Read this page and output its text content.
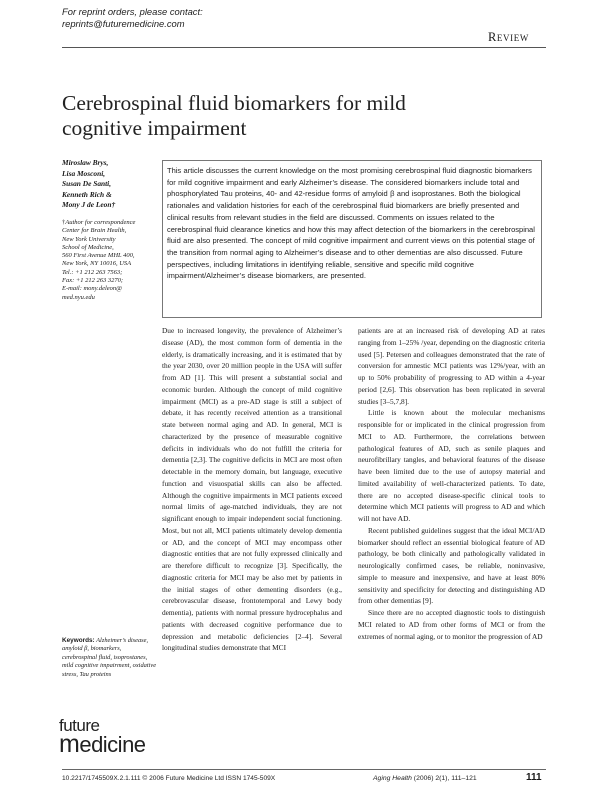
For reprint orders, please contact:
reprints@futuremedicine.com
Review
Cerebrospinal fluid biomarkers for mild
cognitive impairment
Miroslaw Brys,
Lisa Mosconi,
Susan De Santi,
Kenneth Rich &
Mony J de Leon†
†Author for correspondence
Center for Brain Health,
New York University
School of Medicine,
560 First Avenue MHL 400,
New York, NY 10016, USA
Tel.: +1 212 263 7563;
Fax: +1 212 263 3270;
E-mail: mony.deleon@
med.nyu.edu
This article discusses the current knowledge on the most promising cerebrospinal fluid diagnostic biomarkers for mild cognitive impairment and early Alzheimer’s disease. The considered biomarkers include total and phosphorylated Tau proteins, 40- and 42-residue forms of amyloid β and isoprostanes. Both the biological rationales and validation histories for each of the cerebrospinal fluid biomarkers are briefly presented and clinical results from relevant studies in the field are discussed. Comments on issues related to the cerebrospinal fluid clearance kinetics and how this may affect detection of the biomarkers in the cerebrospinal fluid are also presented. The concept of mild cognitive impairment and current views on this potential stage of the transition from normal aging to Alzheimer’s disease and to other dementias are also discussed. Future perspectives, including limitations in identifying reliable, sensitive and specific mild cognitive impairment/Alzheimer’s disease biomarkers, are presented.

Due to increased longevity, the prevalence of Alzheimer’s disease (AD), the most common form of dementia in the elderly, is dramatically increasing, and it is estimated that by the year 2030, over 20 million people in the USA will suffer from AD [1]. This will present a substantial social and economic burden. Although the concept of mild cognitive impairment (MCI) as a pre-AD stage is still a subject of debate, it has recently received attention as a transitional state between normal aging and AD. In general, MCI is characterized by the presence of measurable cognitive deficits in individuals who do not fulfill the criteria for dementia [2,3]. The cognitive deficits in MCI are most often detectable in the memory domain, but language, executive function and visuospatial skills can also be affected. Although the cognitive impairments in MCI patients exceed normal limits of age-matched individuals, they are not significant enough to impair independent social functioning. Most, but not all, MCI patients ultimately develop dementia or AD, and the concept of MCI may encompass other diagnostic entities that are not fully expressed clinically and are therefore difficult to recognize [3]. Specifically, the diagnostic criteria for MCI may be also met by patients in the initial stages of other dementing disorders (e.g., cerebrovascular disease, frontotemporal and Lewy body dementia), patients with normal pressure hydrocephalus and patients with decreased cognitive performance due to depression and metabolic deficiencies [2–4]. Several longitudinal studies demonstrate that MCI

patients are at an increased risk of developing AD at rates ranging from 1–25% /year, depending on the diagnostic criteria used [5]. Petersen and colleagues demonstrated that the rate of conversion for amnestic MCI patients was 12%/year, with an up to 50% probability of progressing to AD within a 4-year period [2,6]. This observation has been replicated in several studies [3–5,7,8].

Little is known about the molecular mechanisms responsible for or implicated in the clinical progression from MCI to AD. Furthermore, the correlations between pathological features of AD, such as senile plaques and neurofibrillary tangles, and behavioral features of the disease have been limited due to the use of autopsy material and limited availability of well-characterized patients. To date, there are no accepted disease-specific clinical tools to determine which MCI patients will progress to AD and which will not have AD.

Recent published guidelines suggest that the ideal MCI/AD biomarker should reflect an essential biological feature of AD pathology, be both clinically and pathologically validated in neurologically confirmed cases, be reliable, noninvasive, simple to measure and inexpensive, and have at least 80% sensitivity and specificity for detecting and distinguishing AD from other dementias [9].

Since there are no accepted diagnostic tools to distinguish MCI related to AD from other forms of MCI or from the extremes of normal aging, or to monitor the progression of AD

Keywords: Alzheimer’s disease, amyloid β, biomarkers, cerebrospinal fluid, isoprostanes, mild cognitive impairment, oxidative stress, Tau proteins
future
medicine
10.2217/1745509X.2.1.111 © 2006 Future Medicine Ltd ISSN 1745-509X	Aging Health (2006) 2(1), 111–121	111
